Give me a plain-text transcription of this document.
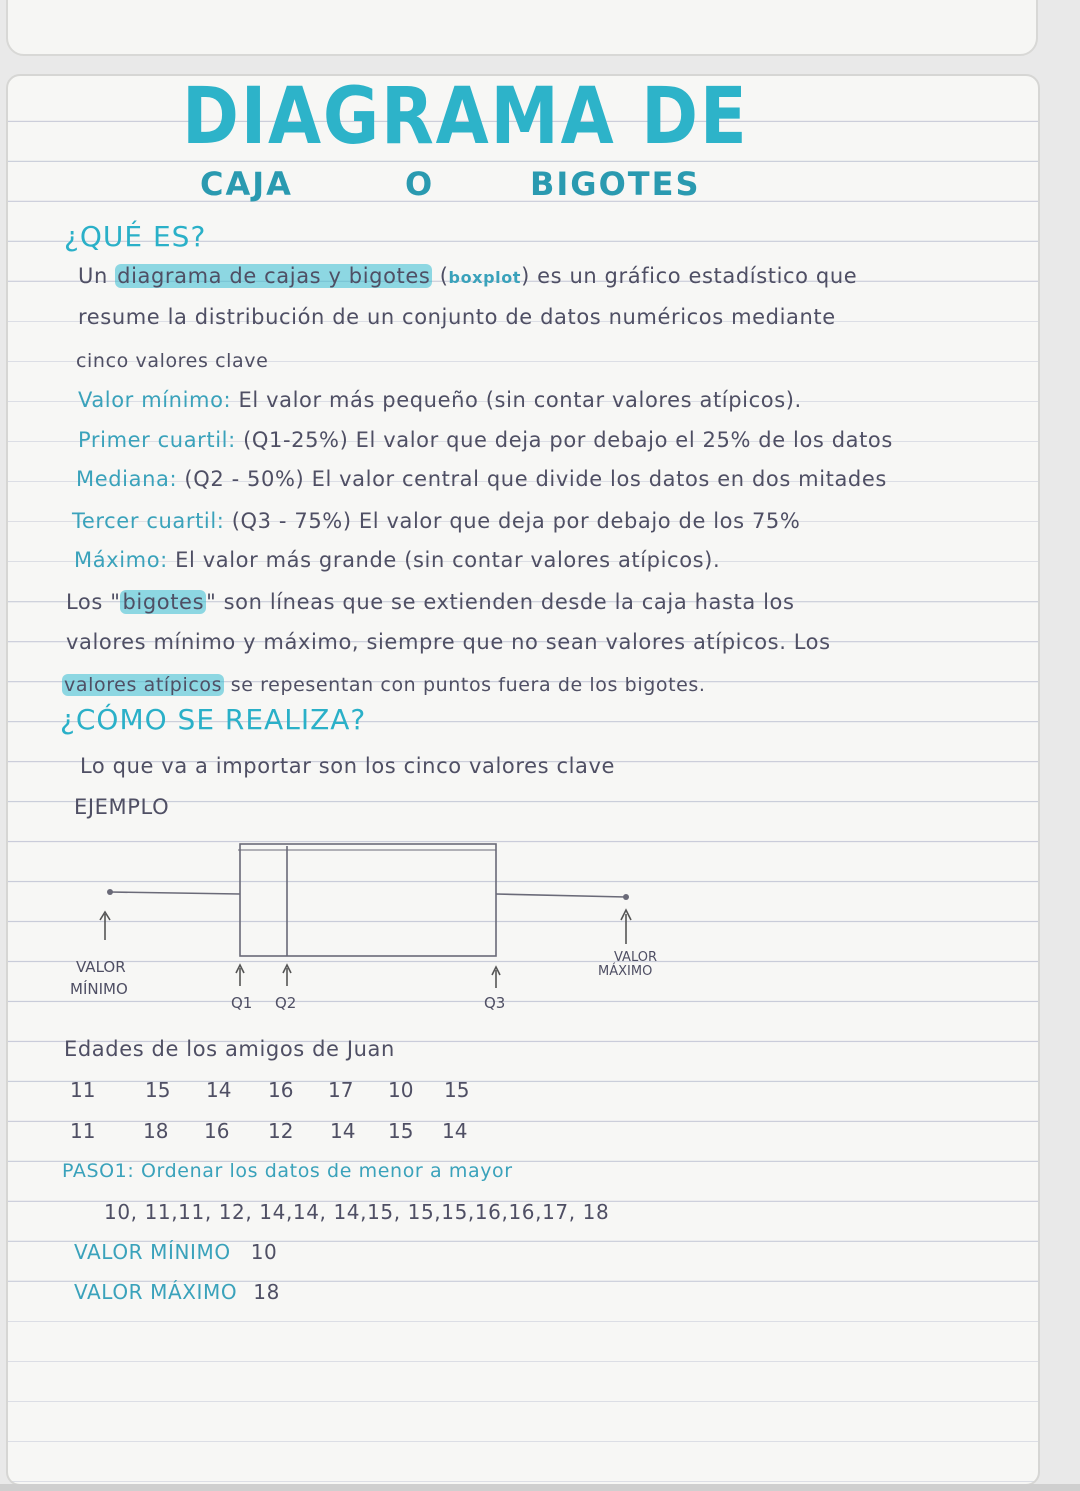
DIAGRAMA DE
CAJA	O	BIGOTES
¿QUÉ ES?
Un diagrama de cajas y bigotes (boxplot) es un gráfico estadístico que
resume la distribución de un conjunto de datos numéricos mediante
cinco valores clave
Valor mínimo: El valor más pequeño (sin contar valores atípicos).
Primer cuartil: (Q1-25%) El valor que deja por debajo el 25% de los datos
Mediana: (Q2 - 50%) El valor central que divide los datos en dos mitades
Tercer cuartil: (Q3 - 75%) El valor que deja por debajo de los 75%
Máximo: El valor más grande (sin contar valores atípicos).
Los "bigotes" son líneas que se extienden desde la caja hasta los
valores mínimo y máximo, siempre que no sean valores atípicos. Los
valores atípicos se repesentan con puntos fuera de los bigotes.
¿CÓMO SE REALIZA?
Lo que va a importar son los cinco valores clave
EJEMPLO
VALOR
MÍNIMO
Q1 Q2	Q3
VALOR
MÁXIMO
Edades de los amigos de Juan
11 15 14 16 17 10 15
11 18 16 12 14 15 14
PASO1: Ordenar los datos de menor a mayor
10, 11,11, 12, 14,14, 14,15, 15,15,16,16,17, 18
VALOR MÍNIMO 10
VALOR MÁXIMO 18
